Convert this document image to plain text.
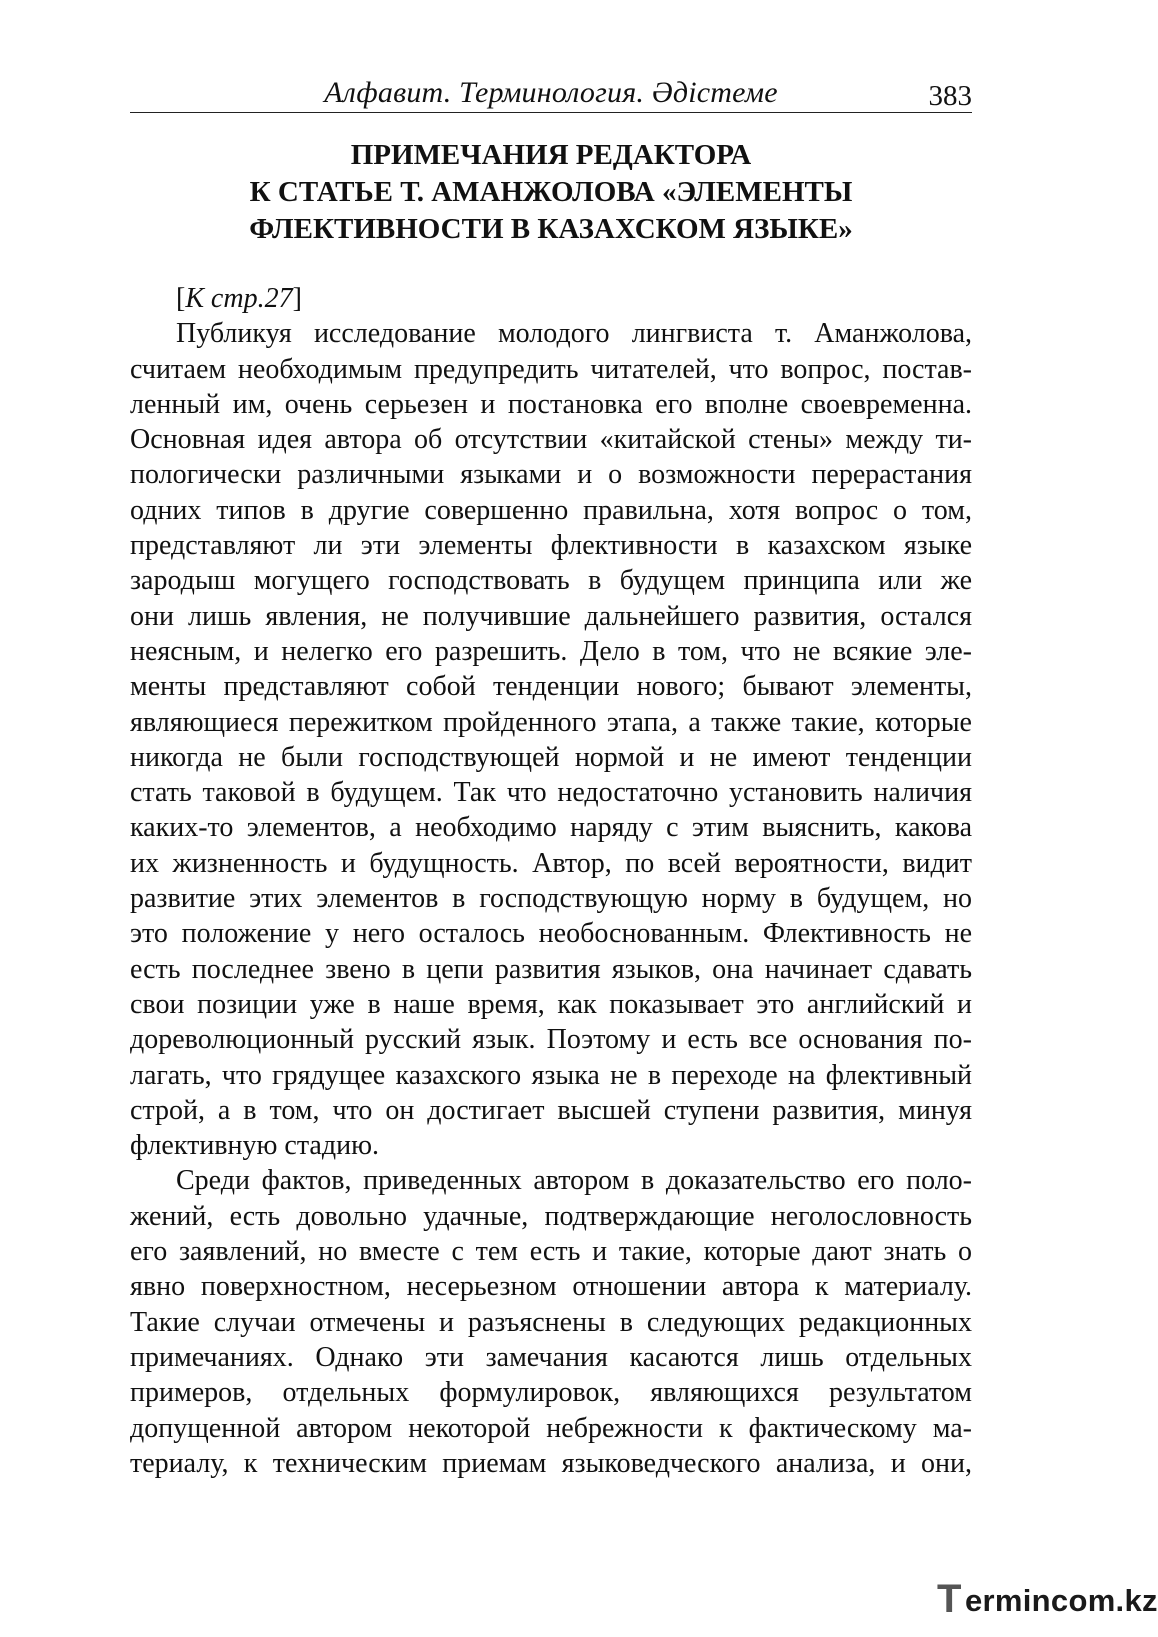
Алфавит. Терминология. Әдістеме	383
ПРИМЕЧАНИЯ РЕДАКТОРА
К СТАТЬЕ Т. АМАНЖОЛОВА «ЭЛЕМЕНТЫ
ФЛЕКТИВНОСТИ В КАЗАХСКОМ ЯЗЫКЕ»
[К стр.27]
Публикуя исследование молодого лингвиста т. Аманжолова,
считаем необходимым предупредить читателей, что вопрос, постав-
ленный им, очень серьезен и постановка его вполне своевременна.
Основная идея автора об отсутствии «китайской стены» между ти-
пологически различными языками и о возможности перерастания
одних типов в другие совершенно правильна, хотя вопрос о том,
представляют ли эти элементы флективности в казахском языке
зародыш могущего господствовать в будущем принципа или же
они лишь явления, не получившие дальнейшего развития, остался
неясным, и нелегко его разрешить. Дело в том, что не всякие эле-
менты представляют собой тенденции нового; бывают элементы,
являющиеся пережитком пройденного этапа, а также такие, которые
никогда не были господствующей нормой и не имеют тенденции
стать таковой в будущем. Так что недостаточно установить наличия
каких-то элементов, а необходимо наряду с этим выяснить, какова
их жизненность и будущность. Автор, по всей вероятности, видит
развитие этих элементов в господствующую норму в будущем, но
это положение у него осталось необоснованным. Флективность не
есть последнее звено в цепи развития языков, она начинает сдавать
свои позиции уже в наше время, как показывает это английский и
дореволюционный русский язык. Поэтому и есть все основания по-
лагать, что грядущее казахского языка не в переходе на флективный
строй, а в том, что он достигает высшей ступени развития, минуя
флективную стадию.
Среди фактов, приведенных автором в доказательство его поло-
жений, есть довольно удачные, подтверждающие неголословность
его заявлений, но вместе с тем есть и такие, которые дают знать о
явно поверхностном, несерьезном отношении автора к материалу.
Такие случаи отмечены и разъяснены в следующих редакционных
примечаниях. Однако эти замечания касаются лишь отдельных
примеров, отдельных формулировок, являющихся результатом
допущенной автором некоторой небрежности к фактическому ма-
териалу, к техническим приемам языковедческого анализа, и они,
T ermincom.kz
